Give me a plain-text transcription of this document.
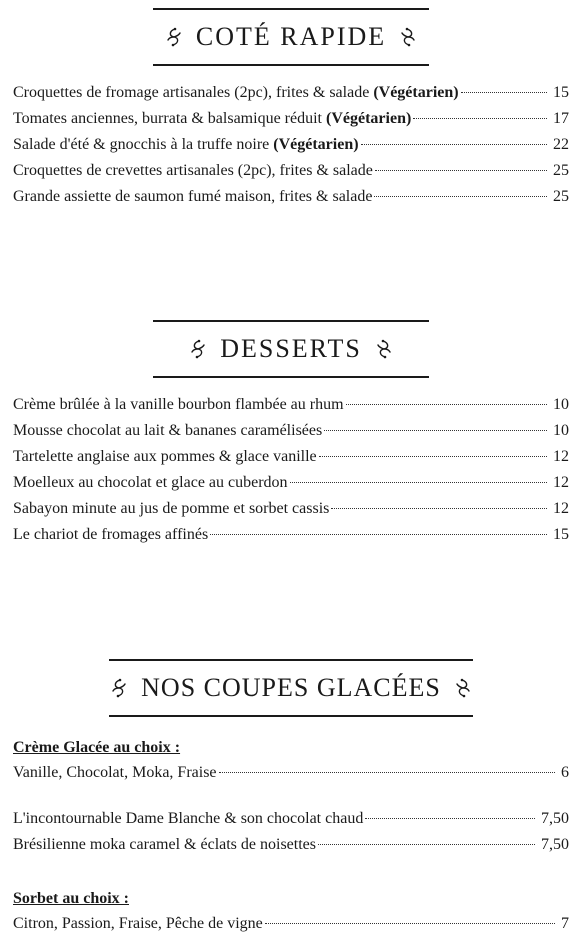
COTÉ RAPIDE
Croquettes de fromage artisanales (2pc), frites & salade (Végétarien)	15
Tomates anciennes, burrata & balsamique réduit (Végétarien)	17
Salade d'été & gnocchis à la truffe noire (Végétarien)	22
Croquettes de crevettes artisanales (2pc), frites & salade	25
Grande assiette de saumon fumé maison, frites & salade	25
DESSERTS
Crème brûlée à la vanille bourbon flambée au rhum	10
Mousse chocolat au lait & bananes caramélisées	10
Tartelette anglaise aux pommes & glace vanille	12
Moelleux au chocolat et glace au cuberdon	12
Sabayon minute au jus de pomme et sorbet cassis	12
Le chariot de fromages affinés	15
NOS COUPES GLACÉES
Crème Glacée au choix :
Vanille, Chocolat, Moka, Fraise	6
L'incontournable Dame Blanche & son chocolat chaud	7,50
Brésilienne moka caramel & éclats de noisettes	7,50
Sorbet au choix :
Citron, Passion, Fraise, Pêche de vigne	7
